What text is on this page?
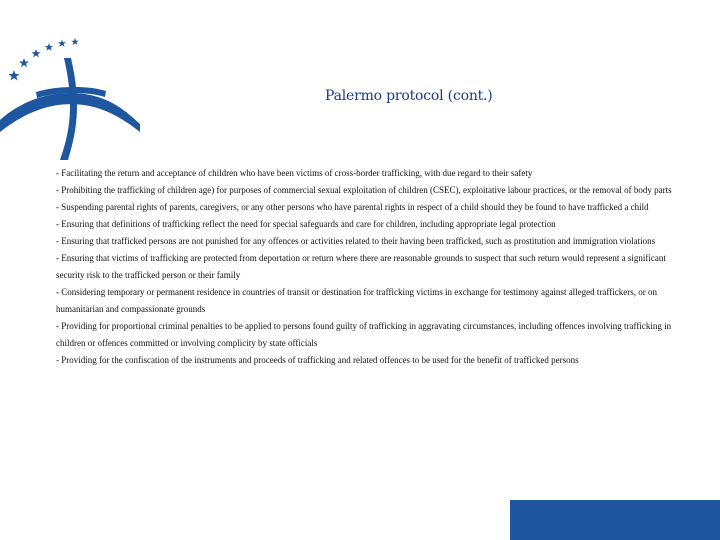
Palermo protocol (cont.)

- Facilitating the return and acceptance of children who have been victims of cross-border trafficking, with due regard to their safety

- Prohibiting the trafficking of children age) for purposes of commercial sexual exploitation of children (CSEC), exploitative labour practices, or the removal of body parts

- Suspending parental rights of parents, caregivers, or any other persons who have parental rights in respect of a child should they be found to have trafficked a child

- Ensuring that definitions of trafficking reflect the need for special safeguards and care for children, including appropriate legal protection

- Ensuring that trafficked persons are not punished for any offences or activities related to their having been trafficked, such as prostitution and immigration violations

- Ensuring that victims of trafficking are protected from deportation or return where there are reasonable grounds to suspect that such return would represent a significant security risk to the trafficked person or their family

- Considering temporary or permanent residence in countries of transit or destination for trafficking victims in exchange for testimony against alleged traffickers, or on humanitarian and compassionate grounds

- Providing for proportional criminal penalties to be applied to persons found guilty of trafficking in aggravating circumstances, including offences involving trafficking in children or offences committed or involving complicity by state officials

- Providing for the confiscation of the instruments and proceeds of trafficking and related offences to be used for the benefit of trafficked persons
